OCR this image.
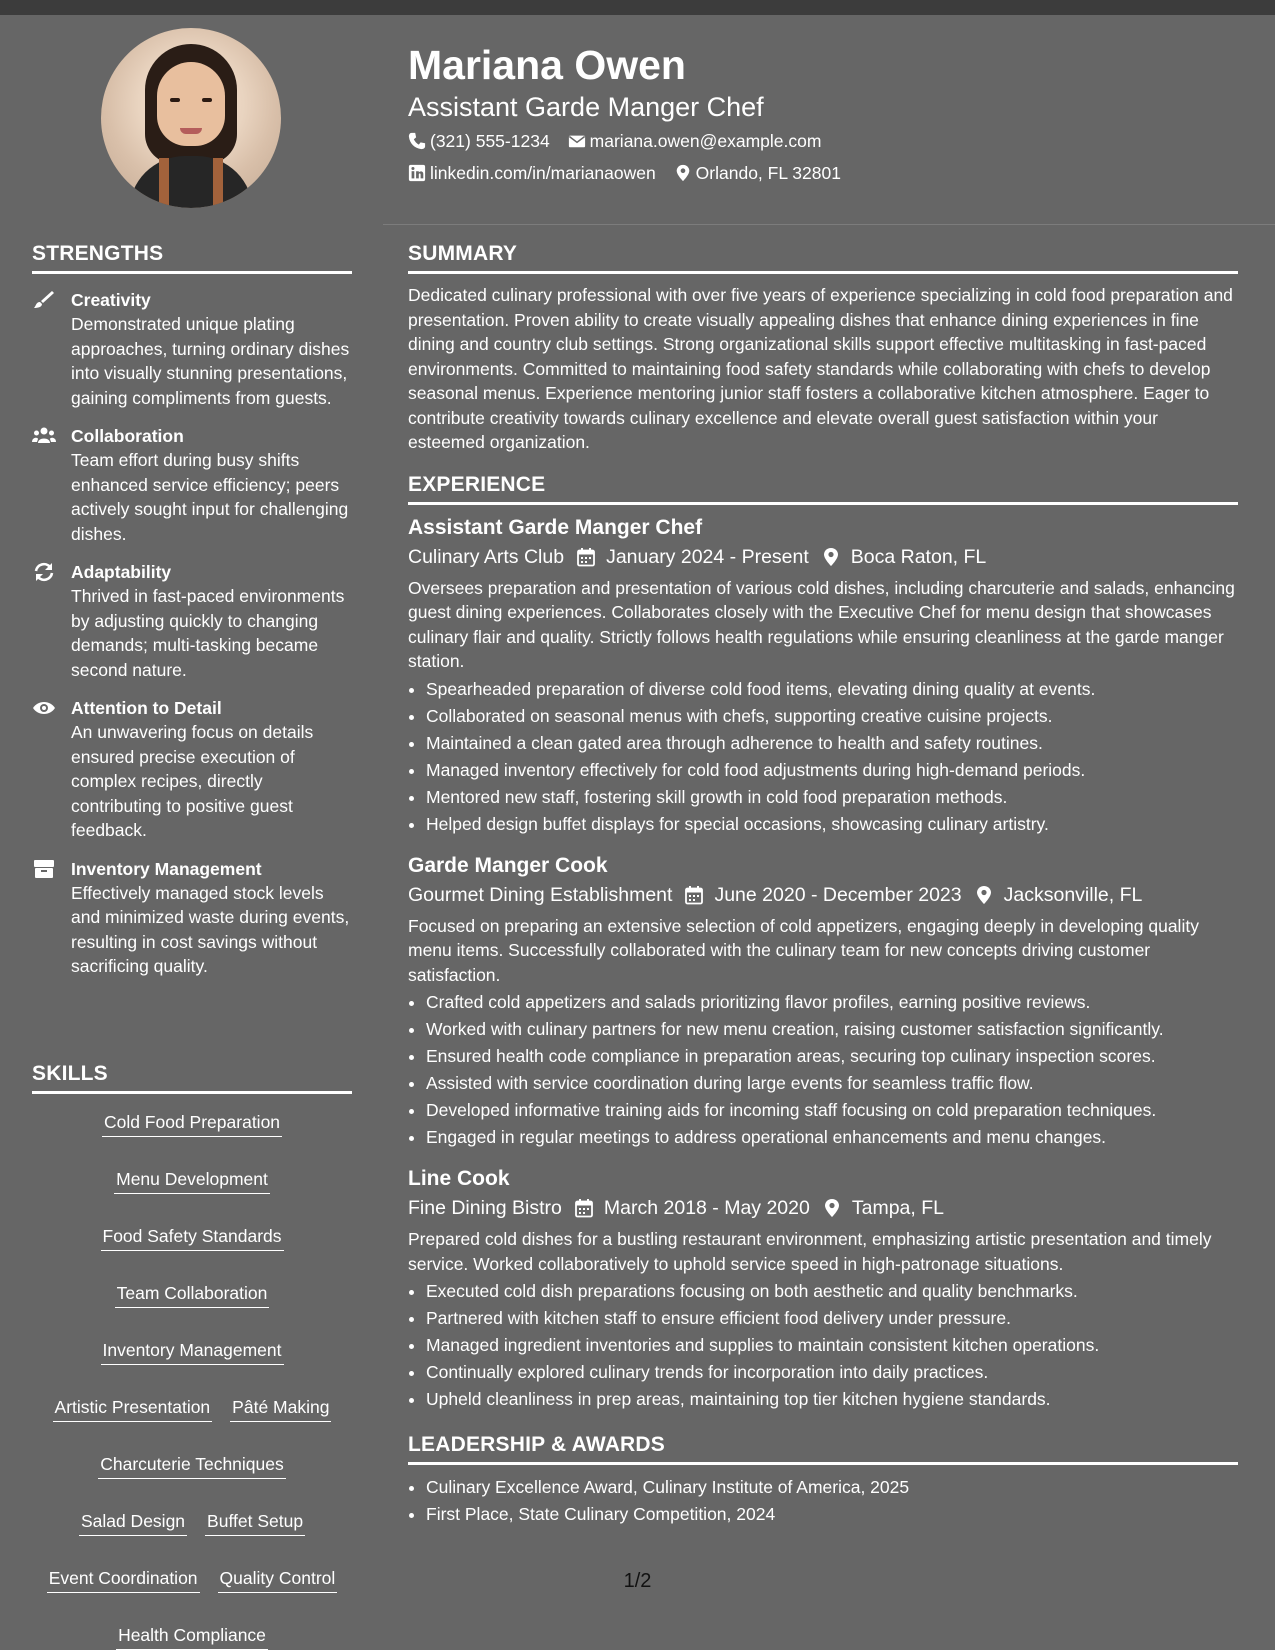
STRENGTHS
Creativity
Demonstrated unique plating approaches, turning ordinary dishes into visually stunning presentations, gaining compliments from guests.
Collaboration
Team effort during busy shifts enhanced service efficiency; peers actively sought input for challenging dishes.
Adaptability
Thrived in fast-paced environments by adjusting quickly to changing demands; multi-tasking became second nature.
Attention to Detail
An unwavering focus on details ensured precise execution of complex recipes, directly contributing to positive guest feedback.
Inventory Management
Effectively managed stock levels and minimized waste during events, resulting in cost savings without sacrificing quality.
SKILLS
Cold Food Preparation
Menu Development
Food Safety Standards
Team Collaboration
Inventory Management
Artistic Presentation Pâté Making
Charcuterie Techniques
Salad Design Buffet Setup
Event Coordination Quality Control
Health Compliance
Mariana Owen
Assistant Garde Manger Chef
(321) 555-1234 mariana.owen@example.com
linkedin.com/in/marianaowen Orlando, FL 32801
SUMMARY
Dedicated culinary professional with over five years of experience specializing in cold food preparation and presentation. Proven ability to create visually appealing dishes that enhance dining experiences in fine dining and country club settings. Strong organizational skills support effective multitasking in fast-paced environments. Committed to maintaining food safety standards while collaborating with chefs to develop seasonal menus. Experience mentoring junior staff fosters a collaborative kitchen atmosphere. Eager to contribute creativity towards culinary excellence and elevate overall guest satisfaction within your esteemed organization.
EXPERIENCE
Assistant Garde Manger Chef
Culinary Arts Club January 2024 - Present Boca Raton, FL
Oversees preparation and presentation of various cold dishes, including charcuterie and salads, enhancing guest dining experiences. Collaborates closely with the Executive Chef for menu design that showcases culinary flair and quality. Strictly follows health regulations while ensuring cleanliness at the garde manger station.
• Spearheaded preparation of diverse cold food items, elevating dining quality at events.
• Collaborated on seasonal menus with chefs, supporting creative cuisine projects.
• Maintained a clean gated area through adherence to health and safety routines.
• Managed inventory effectively for cold food adjustments during high-demand periods.
• Mentored new staff, fostering skill growth in cold food preparation methods.
• Helped design buffet displays for special occasions, showcasing culinary artistry.
Garde Manger Cook
Gourmet Dining Establishment June 2020 - December 2023 Jacksonville, FL
Focused on preparing an extensive selection of cold appetizers, engaging deeply in developing quality menu items. Successfully collaborated with the culinary team for new concepts driving customer satisfaction.
• Crafted cold appetizers and salads prioritizing flavor profiles, earning positive reviews.
• Worked with culinary partners for new menu creation, raising customer satisfaction significantly.
• Ensured health code compliance in preparation areas, securing top culinary inspection scores.
• Assisted with service coordination during large events for seamless traffic flow.
• Developed informative training aids for incoming staff focusing on cold preparation techniques.
• Engaged in regular meetings to address operational enhancements and menu changes.
Line Cook
Fine Dining Bistro March 2018 - May 2020 Tampa, FL
Prepared cold dishes for a bustling restaurant environment, emphasizing artistic presentation and timely service. Worked collaboratively to uphold service speed in high-patronage situations.
• Executed cold dish preparations focusing on both aesthetic and quality benchmarks.
• Partnered with kitchen staff to ensure efficient food delivery under pressure.
• Managed ingredient inventories and supplies to maintain consistent kitchen operations.
• Continually explored culinary trends for incorporation into daily practices.
• Upheld cleanliness in prep areas, maintaining top tier kitchen hygiene standards.
LEADERSHIP & AWARDS
• Culinary Excellence Award, Culinary Institute of America, 2025
• First Place, State Culinary Competition, 2024
1/2
